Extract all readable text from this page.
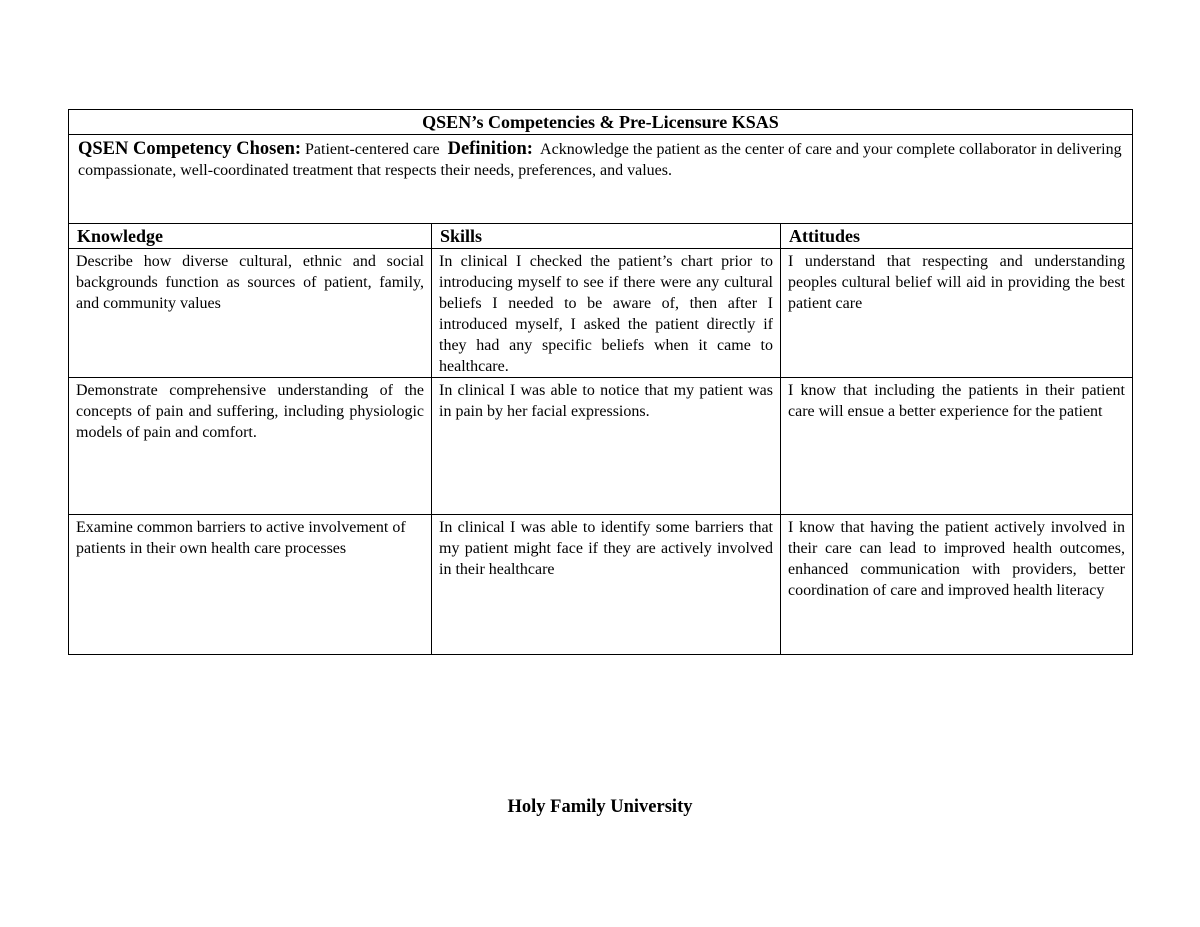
QSEN’s Competencies & Pre-Licensure KSAS		
QSEN Competency Chosen: Patient-centered care Definition: Acknowledge the patient as the center of care and your complete collaborator in delivering compassionate, well-coordinated treatment that respects their needs, preferences, and values.		
Knowledge	Skills	Attitudes
Describe how diverse cultural, ethnic and social backgrounds function as sources of patient, family, and community values	In clinical I checked the patient’s chart prior to introducing myself to see if there were any cultural beliefs I needed to be aware of, then after I introduced myself, I asked the patient directly if they had any specific beliefs when it came to healthcare.	I understand that respecting and understanding peoples cultural belief will aid in providing the best patient care
Demonstrate comprehensive understanding of the concepts of pain and suffering, including physiologic models of pain and comfort.	In clinical I was able to notice that my patient was in pain by her facial expressions.	I know that including the patients in their patient care will ensue a better experience for the patient
Examine common barriers to active involvement of patients in their own health care processes	In clinical I was able to identify some barriers that my patient might face if they are actively involved in their healthcare	I know that having the patient actively involved in their care can lead to improved health outcomes, enhanced communication with providers, better coordination of care and improved health literacy
Holy Family University
